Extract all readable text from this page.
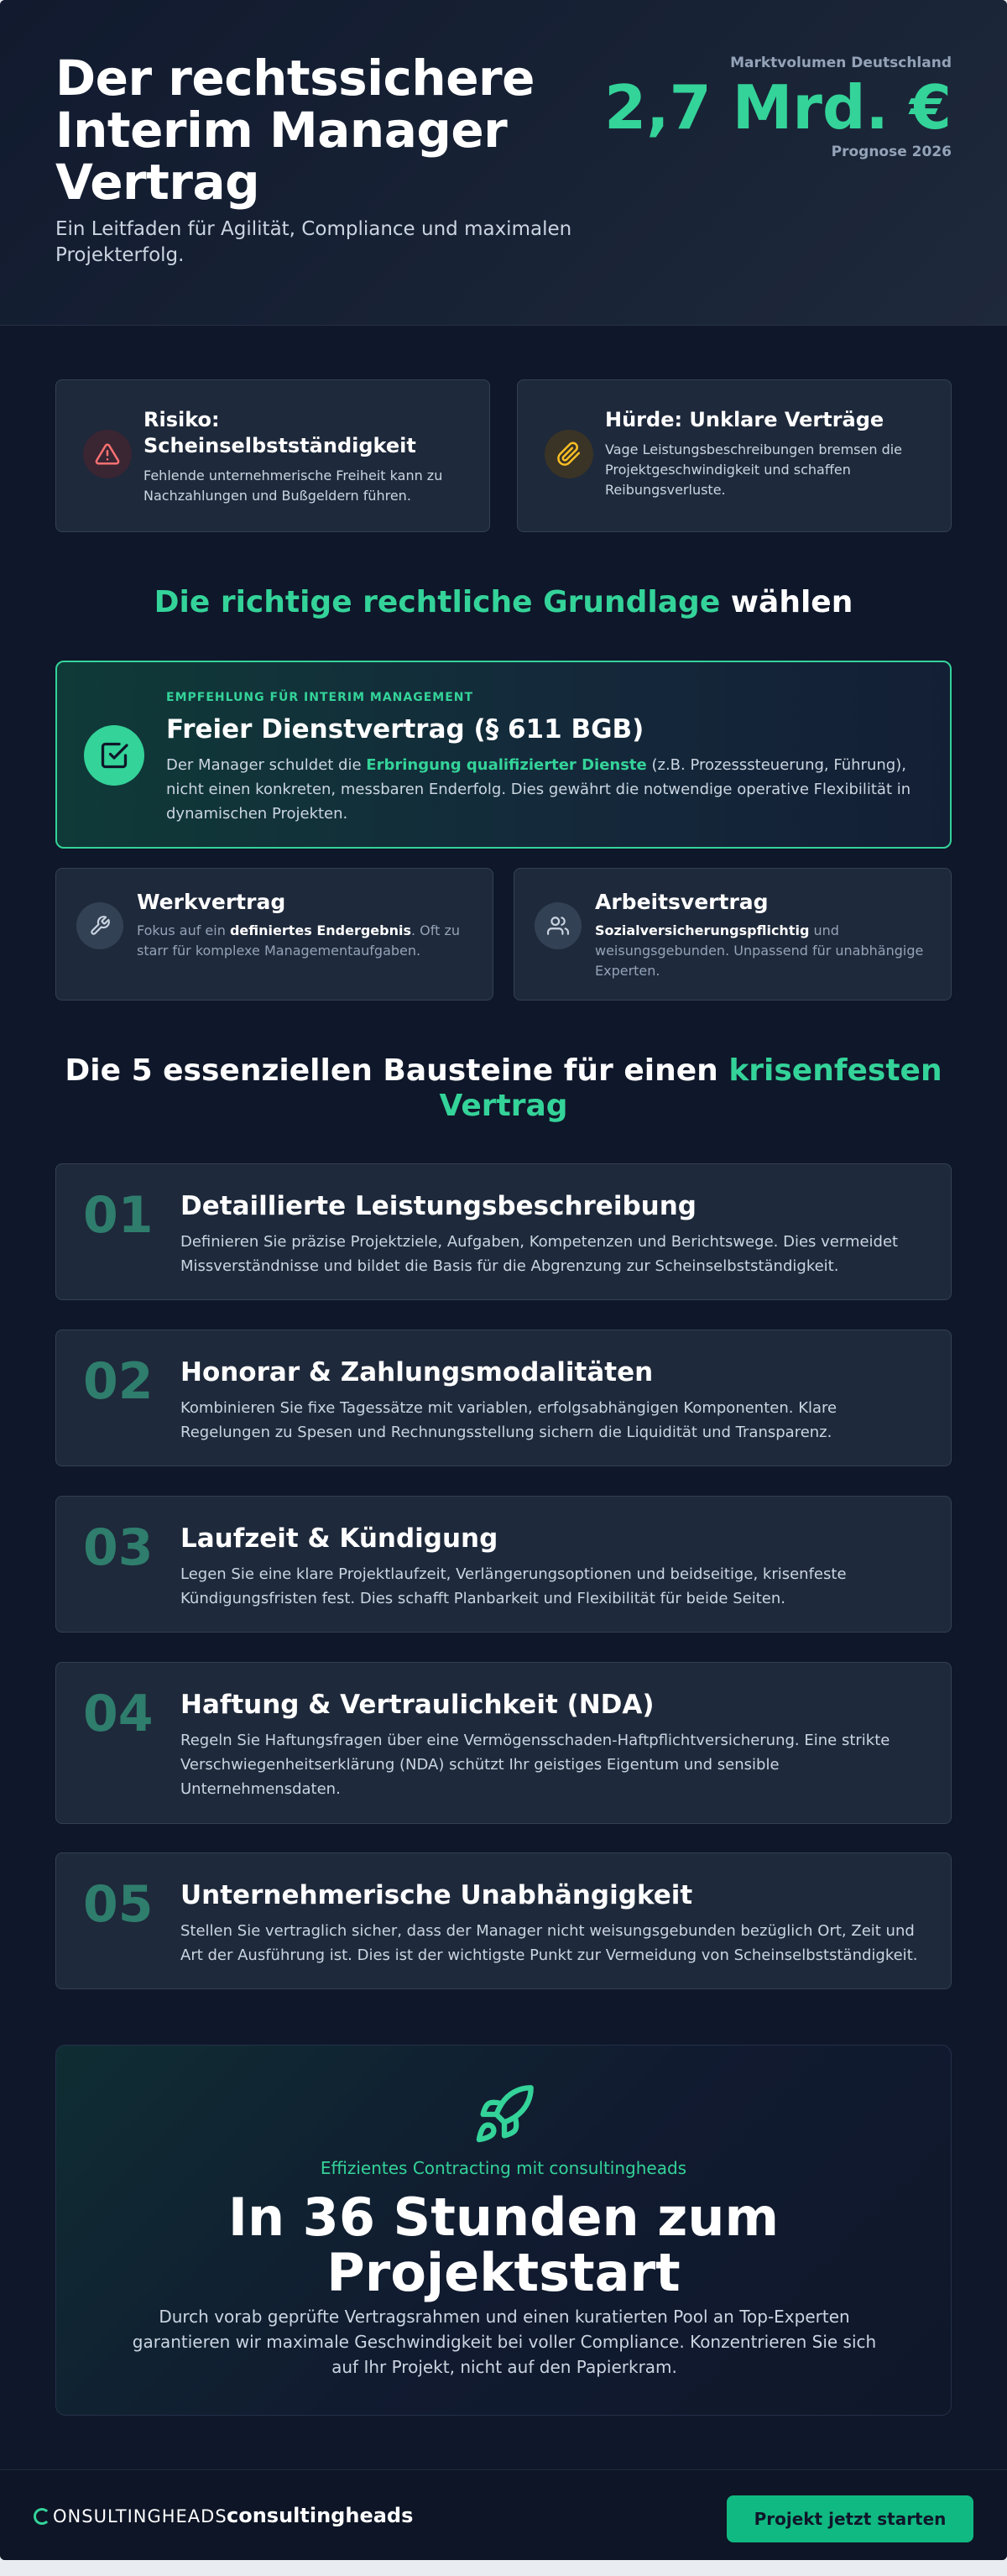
Der rechtssichere
Interim Manager
Vertrag

Ein Leitfaden für Agilität, Compliance und maximalen Projekterfolg.

Marktvolumen Deutschland
2,7 Mrd. €
Prognose 2026
Risiko: Scheinselbstständigkeit
Fehlende unternehmerische Freiheit kann zu Nachzahlungen und Bußgeldern führen.
Hürde: Unklare Verträge
Vage Leistungsbeschreibungen bremsen die Projektgeschwindigkeit und schaffen Reibungsverluste.
Die richtige rechtliche Grundlage wählen
EMPFEHLUNG FÜR INTERIM MANAGEMENT
Freier Dienstvertrag (§ 611 BGB)

Der Manager schuldet die Erbringung qualifizierter Dienste (z.B. Prozesssteuerung, Führung), nicht einen konkreten, messbaren Enderfolg. Dies gewährt die notwendige operative Flexibilität in dynamischen Projekten.

Werkvertrag

Fokus auf ein definiertes Endergebnis. Oft zu starr für komplexe Managementaufgaben.

Arbeitsvertrag

Sozialversicherungspflichtig und weisungsgebunden. Unpassend für unabhängige Experten.

Die 5 essenziellen Bausteine für einen krisenfesten
Vertrag
01 Detaillierte Leistungsbeschreibung

Definieren Sie präzise Projektziele, Aufgaben, Kompetenzen und Berichtswege. Dies vermeidet Missverständnisse und bildet die Basis für die Abgrenzung zur Scheinselbstständigkeit.

02 Honorar & Zahlungsmodalitäten

Kombinieren Sie fixe Tagessätze mit variablen, erfolgsabhängigen Komponenten. Klare Regelungen zu Spesen und Rechnungsstellung sichern die Liquidität und Transparenz.

03 Laufzeit & Kündigung

Legen Sie eine klare Projektlaufzeit, Verlängerungsoptionen und beidseitige, krisenfeste Kündigungsfristen fest. Dies schafft Planbarkeit und Flexibilität für beide Seiten.

04 Haftung & Vertraulichkeit (NDA)

Regeln Sie Haftungsfragen über eine Vermögensschaden-Haftpflichtversicherung. Eine strikte Verschwiegenheitserklärung (NDA) schützt Ihr geistiges Eigentum und sensible Unternehmensdaten.

05 Unternehmerische Unabhängigkeit

Stellen Sie vertraglich sicher, dass der Manager nicht weisungsgebunden bezüglich Ort, Zeit und Art der Ausführung ist. Dies ist der wichtigste Punkt zur Vermeidung von Scheinselbstständigkeit.

Effizientes Contracting mit consultingheads
In 36 Stunden zum
Projektstart

Durch vorab geprüfte Vertragsrahmen und einen kuratierten Pool an Top-Experten garantieren wir maximale Geschwindigkeit bei voller Compliance. Konzentrieren Sie sich auf Ihr Projekt, nicht auf den Papierkram.

ONSULTINGHEADS consultingheads	Projekt jetzt starten
